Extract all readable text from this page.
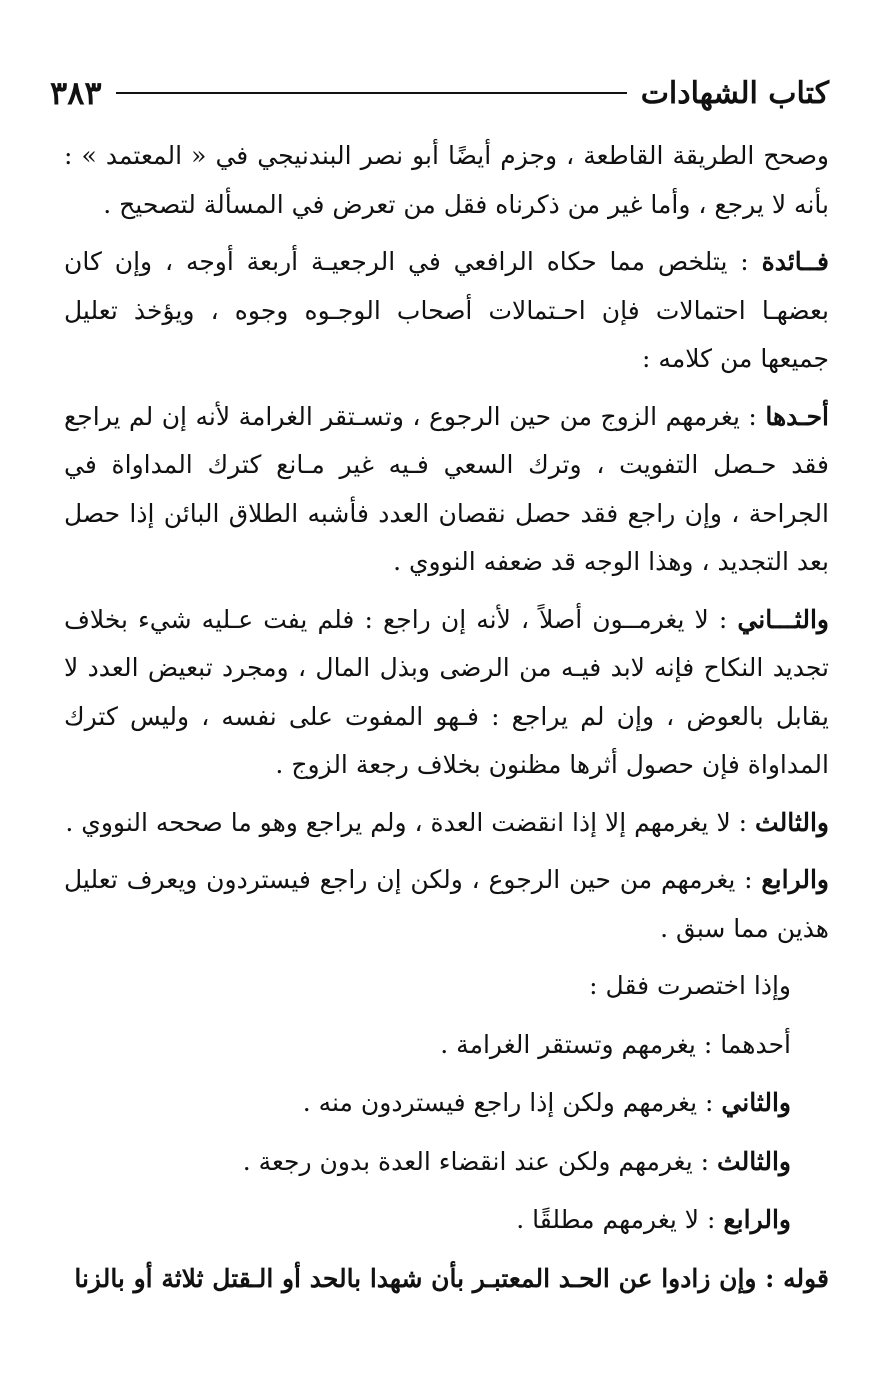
كتاب الشهادات
٣٨٣

وصحح الطريقة القاطعة ، وجزم أيضًا أبو نصر البندنيجي في « المعتمد » : بأنه لا يرجع ، وأما غير من ذكرناه فقل من تعرض في المسألة لتصحيح .

فــائدة : يتلخص مما حكاه الرافعي في الرجعيـة أربعة أوجه ، وإن كان بعضهـا احتمالات فإن احـتمالات أصحاب الوجـوه وجوه ، ويؤخذ تعليل جميعها من كلامه :

أحـدها : يغرمهم الزوج من حين الرجوع ، وتسـتقر الغرامة لأنه إن لم يراجع فقد حـصل التفويت ، وترك السعي فـيه غير مـانع كترك المداواة في الجراحة ، وإن راجع فقد حصل نقصان العدد فأشبه الطلاق البائن إذا حصل بعد التجديد ، وهذا الوجه قد ضعفه النووي .

والثـــاني : لا يغرمــون أصلاً ، لأنه إن راجع : فلم يفت عـليه شيء بخلاف تجديد النكاح فإنه لابد فيـه من الرضى وبذل المال ، ومجرد تبعيض العدد لا يقابل بالعوض ، وإن لم يراجع : فـهو المفوت على نفسه ، وليس كترك المداواة فإن حصول أثرها مظنون بخلاف رجعة الزوج .

والثالث : لا يغرمهم إلا إذا انقضت العدة ، ولم يراجع وهو ما صححه النووي .

والرابع : يغرمهم من حين الرجوع ، ولكن إن راجع فيستردون ويعرف تعليل هذين مما سبق .

وإذا اختصرت فقل :

أحدهما : يغرمهم وتستقر الغرامة .

والثاني : يغرمهم ولكن إذا راجع فيستردون منه .

والثالث : يغرمهم ولكن عند انقضاء العدة بدون رجعة .

والرابع : لا يغرمهم مطلقًا .

قوله : وإن زادوا عن الحـد المعتبـر بأن شهدا بالحد أو الـقتل ثلاثة أو بالزنا
